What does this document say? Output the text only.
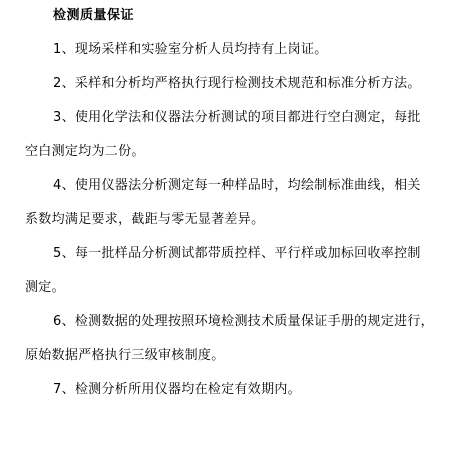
检测质量保证
1、现场采样和实验室分析人员均持有上岗证。
2、采样和分析均严格执行现行检测技术规范和标准分析方法。
3、使用化学法和仪器法分析测试的项目都进行空白测定，每批
空白测定均为二份。
4、使用仪器法分析测定每一种样品时，均绘制标准曲线，相关
系数均满足要求，截距与零无显著差异。
5、每一批样品分析测试都带质控样、平行样或加标回收率控制
测定。
6、检测数据的处理按照环境检测技术质量保证手册的规定进行，
原始数据严格执行三级审核制度。
7、检测分析所用仪器均在检定有效期内。
